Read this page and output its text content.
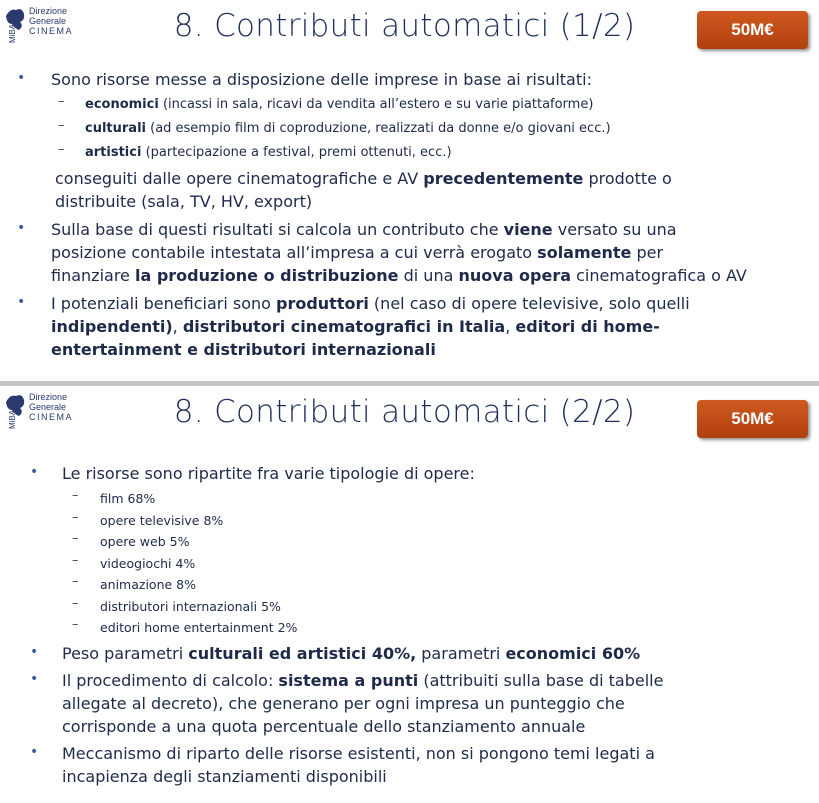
MiBAC
Direzione
Generale
CINEMA	8. Contributi automatici (1/2)	50M€
• Sono risorse messe a disposizione delle imprese in base ai risultati:
– economici (incassi in sala, ricavi da vendita all’estero e su varie piattaforme)
– culturali (ad esempio film di coproduzione, realizzati da donne e/o giovani ecc.)
– artistici (partecipazione a festival, premi ottenuti, ecc.)
conseguiti dalle opere cinematografiche e AV precedentemente prodotte o
distribuite (sala, TV, HV, export)
• Sulla base di questi risultati si calcola un contributo che viene versato su una
posizione contabile intestata all’impresa a cui verrà erogato solamente per
finanziare la produzione o distribuzione di una nuova opera cinematografica o AV
• I potenziali beneficiari sono produttori (nel caso di opere televisive, solo quelli
indipendenti), distributori cinematografici in Italia, editori di home-
entertainment e distributori internazionali
MiBAC
Direzione
Generale
CINEMA	8. Contributi automatici (2/2)	50M€
• Le risorse sono ripartite fra varie tipologie di opere:
– film 68%
– opere televisive 8%
– opere web 5%
– videogiochi 4%
– animazione 8%
– distributori internazionali 5%
– editori home entertainment 2%
• Peso parametri culturali ed artistici 40%, parametri economici 60%
• Il procedimento di calcolo: sistema a punti (attribuiti sulla base di tabelle
allegate al decreto), che generano per ogni impresa un punteggio che
corrisponde a una quota percentuale dello stanziamento annuale
• Meccanismo di riparto delle risorse esistenti, non si pongono temi legati a
incapienza degli stanziamenti disponibili
